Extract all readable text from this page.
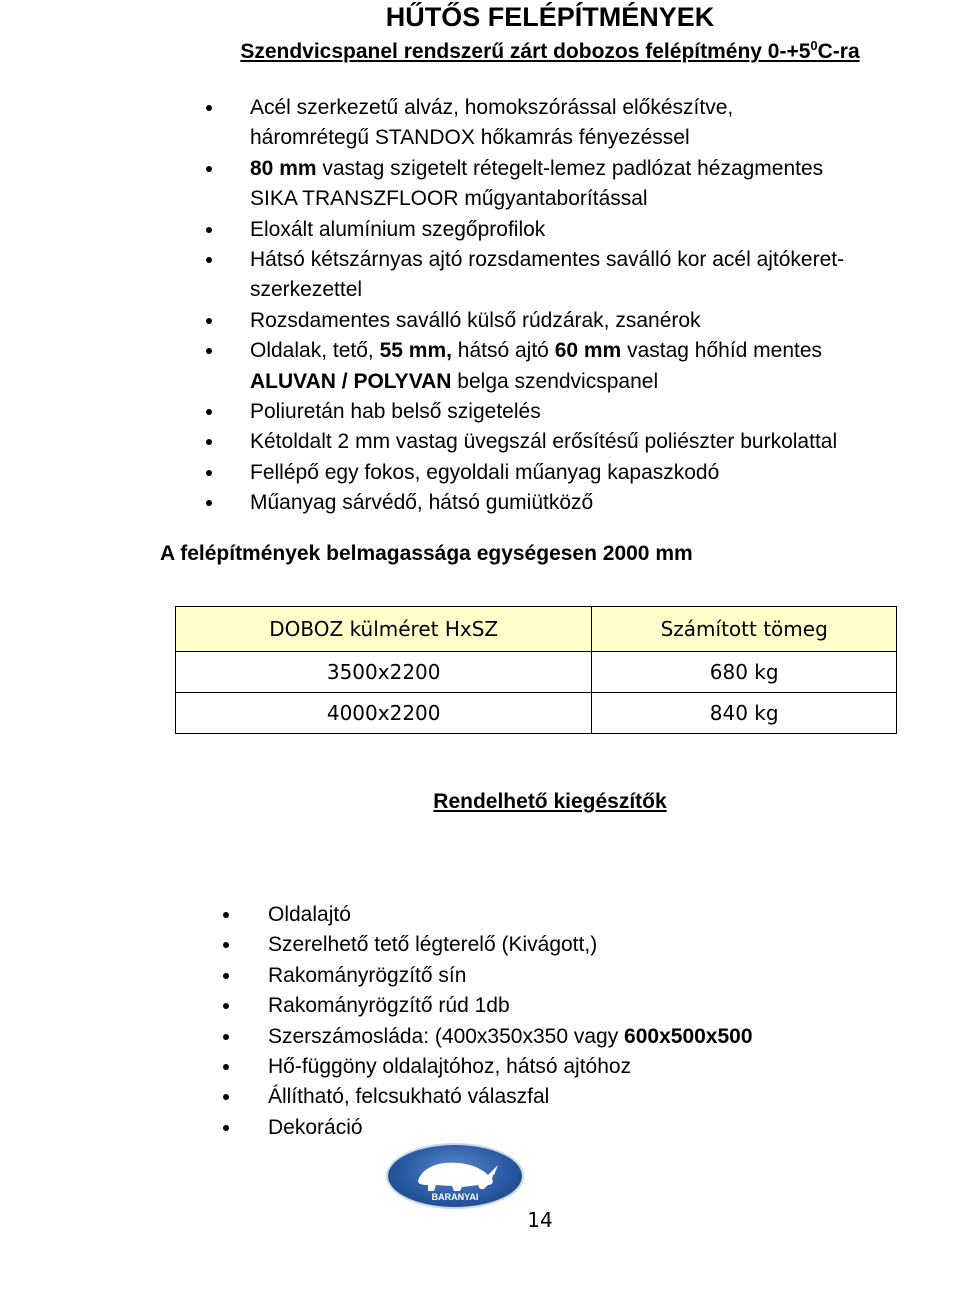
HŰTŐS FELÉPÍTMÉNYEK
Szendvicspanel rendszerű zárt dobozos felépítmény $0-+5^0C-ra$
Acél szerkezetű alváz, homokszórással előkészítve,
háromrétegű STANDOX hőkamrás fényezéssel
80 mm vastag szigetelt rétegelt-lemez padlózat hézagmentes
SIKA TRANSZFLOOR műgyantaborítással
Eloxált alumínium szegőprofilok
Hátsó kétszárnyas ajtó rozsdamentes saválló kor acél ajtókeret-
szerkezettel
Rozsdamentes saválló külső rúdzárak, zsanérok
Oldalak, tető, 55 mm, hátsó ajtó 60 mm vastag hőhíd mentes
ALUVAN / POLYVAN belga szendvicspanel
Poliuretán hab belső szigetelés
Kétoldalt 2 mm vastag üvegszál erősítésű poliészter burkolattal
Fellépő egy fokos, egyoldali műanyag kapaszkodó
Műanyag sárvédő, hátsó gumiütköző

A felépítmények belmagassága egységesen 2000 mm

DOBOZ külméret HxSZ	Számított tömeg
3500x2200	680 kg
4000x2200	840 kg
Rendelhető kiegészítők
Oldalajtó
Szerelhető tető légterelő (Kivágott,)
Rakományrögzítő sín
Rakományrögzítő rúd 1db
Szerszámosláda: (400x350x350 vagy 600x500x500
Hő-függöny oldalajtóhoz, hátsó ajtóhoz
Állítható, felcsukható válaszfal
Dekoráció
BARANYAI

14
